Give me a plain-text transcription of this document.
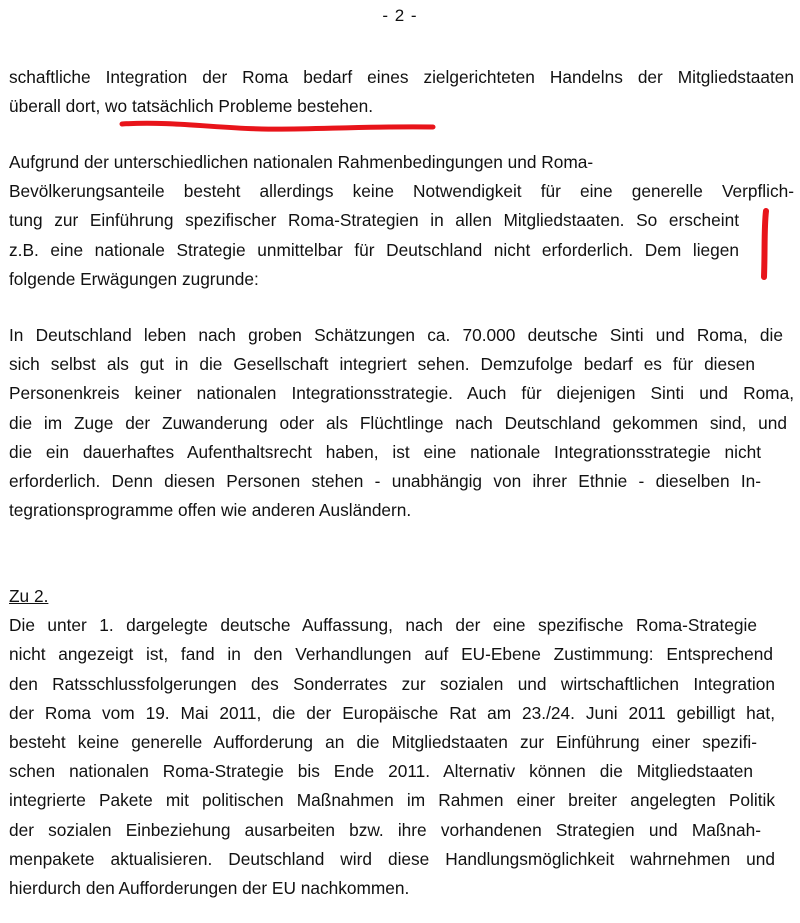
- 2 -
schaftliche Integration der Roma bedarf eines zielgerichteten Handelns der Mitgliedstaaten
überall dort, wo tatsächlich Probleme bestehen.
Aufgrund der unterschiedlichen nationalen Rahmenbedingungen und Roma-
Bevölkerungsanteile besteht allerdings keine Notwendigkeit für eine generelle Verpflich-
tung zur Einführung spezifischer Roma-Strategien in allen Mitgliedstaaten. So erscheint
z.B. eine nationale Strategie unmittelbar für Deutschland nicht erforderlich. Dem liegen
folgende Erwägungen zugrunde:
In Deutschland leben nach groben Schätzungen ca. 70.000 deutsche Sinti und Roma, die
sich selbst als gut in die Gesellschaft integriert sehen. Demzufolge bedarf es für diesen
Personenkreis keiner nationalen Integrationsstrategie. Auch für diejenigen Sinti und Roma,
die im Zuge der Zuwanderung oder als Flüchtlinge nach Deutschland gekommen sind, und
die ein dauerhaftes Aufenthaltsrecht haben, ist eine nationale Integrationsstrategie nicht
erforderlich. Denn diesen Personen stehen - unabhängig von ihrer Ethnie - dieselben In-
tegrationsprogramme offen wie anderen Ausländern.
Zu 2.
Die unter 1. dargelegte deutsche Auffassung, nach der eine spezifische Roma-Strategie
nicht angezeigt ist, fand in den Verhandlungen auf EU-Ebene Zustimmung: Entsprechend
den Ratsschlussfolgerungen des Sonderrates zur sozialen und wirtschaftlichen Integration
der Roma vom 19. Mai 2011, die der Europäische Rat am 23./24. Juni 2011 gebilligt hat,
besteht keine generelle Aufforderung an die Mitgliedstaaten zur Einführung einer spezifi-
schen nationalen Roma-Strategie bis Ende 2011. Alternativ können die Mitgliedstaaten
integrierte Pakete mit politischen Maßnahmen im Rahmen einer breiter angelegten Politik
der sozialen Einbeziehung ausarbeiten bzw. ihre vorhandenen Strategien und Maßnah-
menpakete aktualisieren. Deutschland wird diese Handlungsmöglichkeit wahrnehmen und
hierdurch den Aufforderungen der EU nachkommen.
